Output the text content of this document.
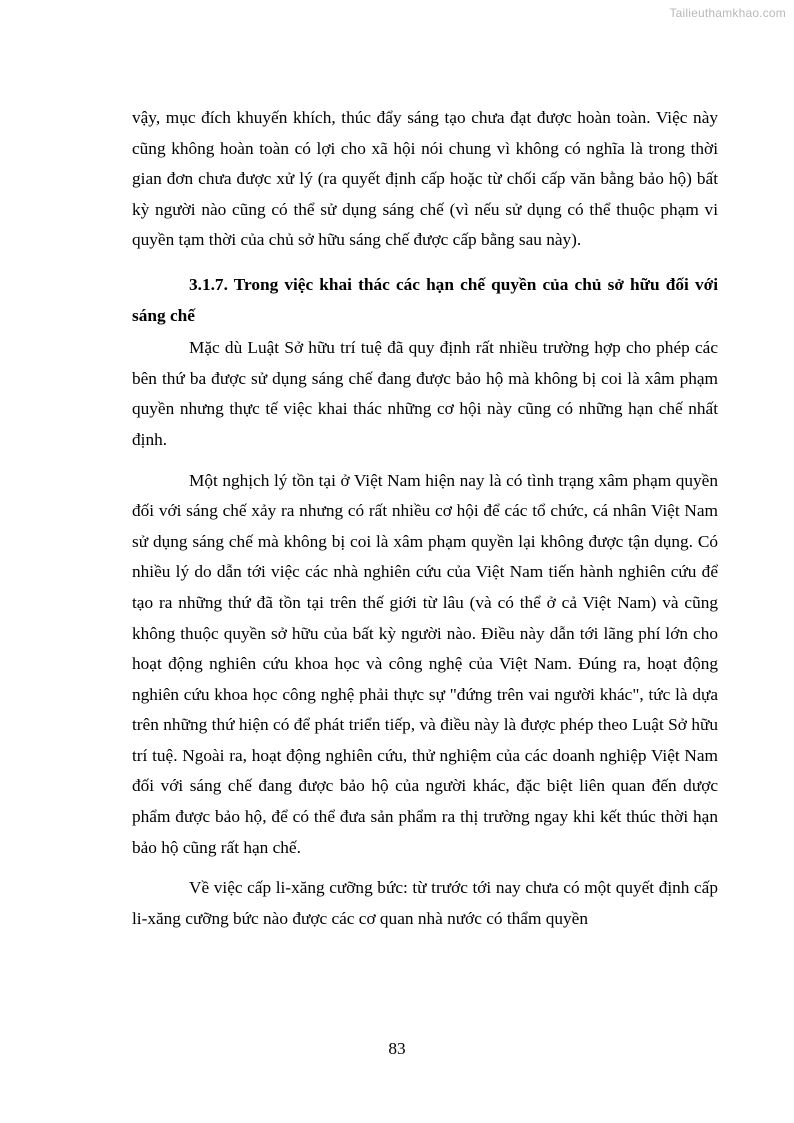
Tailieuthamkhao.com

vậy, mục đích khuyến khích, thúc đẩy sáng tạo chưa đạt được hoàn toàn. Việc này cũng không hoàn toàn có lợi cho xã hội nói chung vì không có nghĩa là trong thời gian đơn chưa được xử lý (ra quyết định cấp hoặc từ chối cấp văn bằng bảo hộ) bất kỳ người nào cũng có thể sử dụng sáng chế (vì nếu sử dụng có thể thuộc phạm vi quyền tạm thời của chủ sở hữu sáng chế được cấp bằng sau này).

3.1.7. Trong việc khai thác các hạn chế quyền của chủ sở hữu đối với sáng chế

Mặc dù Luật Sở hữu trí tuệ đã quy định rất nhiều trường hợp cho phép các bên thứ ba được sử dụng sáng chế đang được bảo hộ mà không bị coi là xâm phạm quyền nhưng thực tế việc khai thác những cơ hội này cũng có những hạn chế nhất định.

Một nghịch lý tồn tại ở Việt Nam hiện nay là có tình trạng xâm phạm quyền đối với sáng chế xảy ra nhưng có rất nhiều cơ hội để các tổ chức, cá nhân Việt Nam sử dụng sáng chế mà không bị coi là xâm phạm quyền lại không được tận dụng. Có nhiều lý do dẫn tới việc các nhà nghiên cứu của Việt Nam tiến hành nghiên cứu để tạo ra những thứ đã tồn tại trên thế giới từ lâu (và có thể ở cả Việt Nam) và cũng không thuộc quyền sở hữu của bất kỳ người nào. Điều này dẫn tới lãng phí lớn cho hoạt động nghiên cứu khoa học và công nghệ của Việt Nam. Đúng ra, hoạt động nghiên cứu khoa học công nghệ phải thực sự "đứng trên vai người khác", tức là dựa trên những thứ hiện có để phát triển tiếp, và điều này là được phép theo Luật Sở hữu trí tuệ. Ngoài ra, hoạt động nghiên cứu, thử nghiệm của các doanh nghiệp Việt Nam đối với sáng chế đang được bảo hộ của người khác, đặc biệt liên quan đến dược phẩm được bảo hộ, để có thể đưa sản phẩm ra thị trường ngay khi kết thúc thời hạn bảo hộ cũng rất hạn chế.

Về việc cấp li-xăng cưỡng bức: từ trước tới nay chưa có một quyết định cấp li-xăng cưỡng bức nào được các cơ quan nhà nước có thẩm quyền

83
